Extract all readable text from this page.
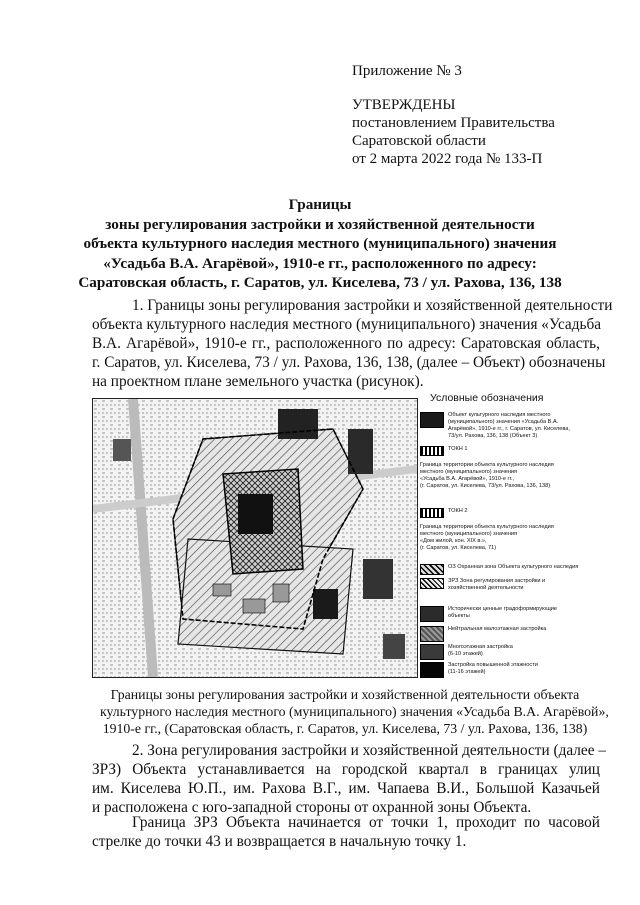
Приложение № 3
УТВЕРЖДЕНЫ
постановлением Правительства
Саратовской области
от 2 марта 2022 года № 133-П
Границы
зоны регулирования застройки и хозяйственной деятельности
объекта культурного наследия местного (муниципального) значения
«Усадьба В.А. Агарёвой», 1910-е гг., расположенного по адресу:
Саратовская область, г. Саратов, ул. Киселева, 73 / ул. Рахова, 136, 138
1. Границы зоны регулирования застройки и хозяйственной деятельности
объекта культурного наследия местного (муниципального) значения «Усадьба
В.А. Агарёвой», 1910-е гг., расположенного по адресу: Саратовская область,
г. Саратов, ул. Киселева, 73 / ул. Рахова, 136, 138, (далее – Объект) обозначены
на проектном плане земельного участка (рисунок).
Условные обозначения
Объект культурного наследия местного
(муниципального) значения «Усадьба В.А.
Агарёвой», 1910-е гг., г. Саратов, ул. Киселева,
73/ул. Рахова, 136, 138 (Объект 3)
ТОКН 1
Граница территории объекта культурного наследия
местного (муниципального) значения
«Усадьба В.А. Агарёвой», 1910-е гг.,
(г. Саратов, ул. Киселева, 73/ул. Рахова, 136, 138)
ТОКН 2
Граница территории объекта культурного наследия
местного (муниципального) значения
«Дом жилой, кон. XIX в.»,
(г. Саратов, ул. Киселева, 71)
ОЗ Охранная зона Объекта культурного наследия
ЗРЗ Зона регулирования застройки и
хозяйственной деятельности
Исторически ценные градоформирующие
объекты
Нейтральная малоэтажная застройка
Многоэтажная застройка
(6-10 этажей)
Застройка повышенной этажности
(11-16 этажей)
Границы зоны регулирования застройки и хозяйственной деятельности объекта
культурного наследия местного (муниципального) значения «Усадьба В.А. Агарёвой»,
1910-е гг., (Саратовская область, г. Саратов, ул. Киселева, 73 / ул. Рахова, 136, 138)
2. Зона регулирования застройки и хозяйственной деятельности (далее –
ЗРЗ) Объекта устанавливается на городской квартал в границах улиц
им. Киселева Ю.П., им. Рахова В.Г., им. Чапаева В.И., Большой Казачьей
и расположена с юго-западной стороны от охранной зоны Объекта.
Граница ЗРЗ Объекта начинается от точки 1, проходит по часовой
стрелке до точки 43 и возвращается в начальную точку 1.
